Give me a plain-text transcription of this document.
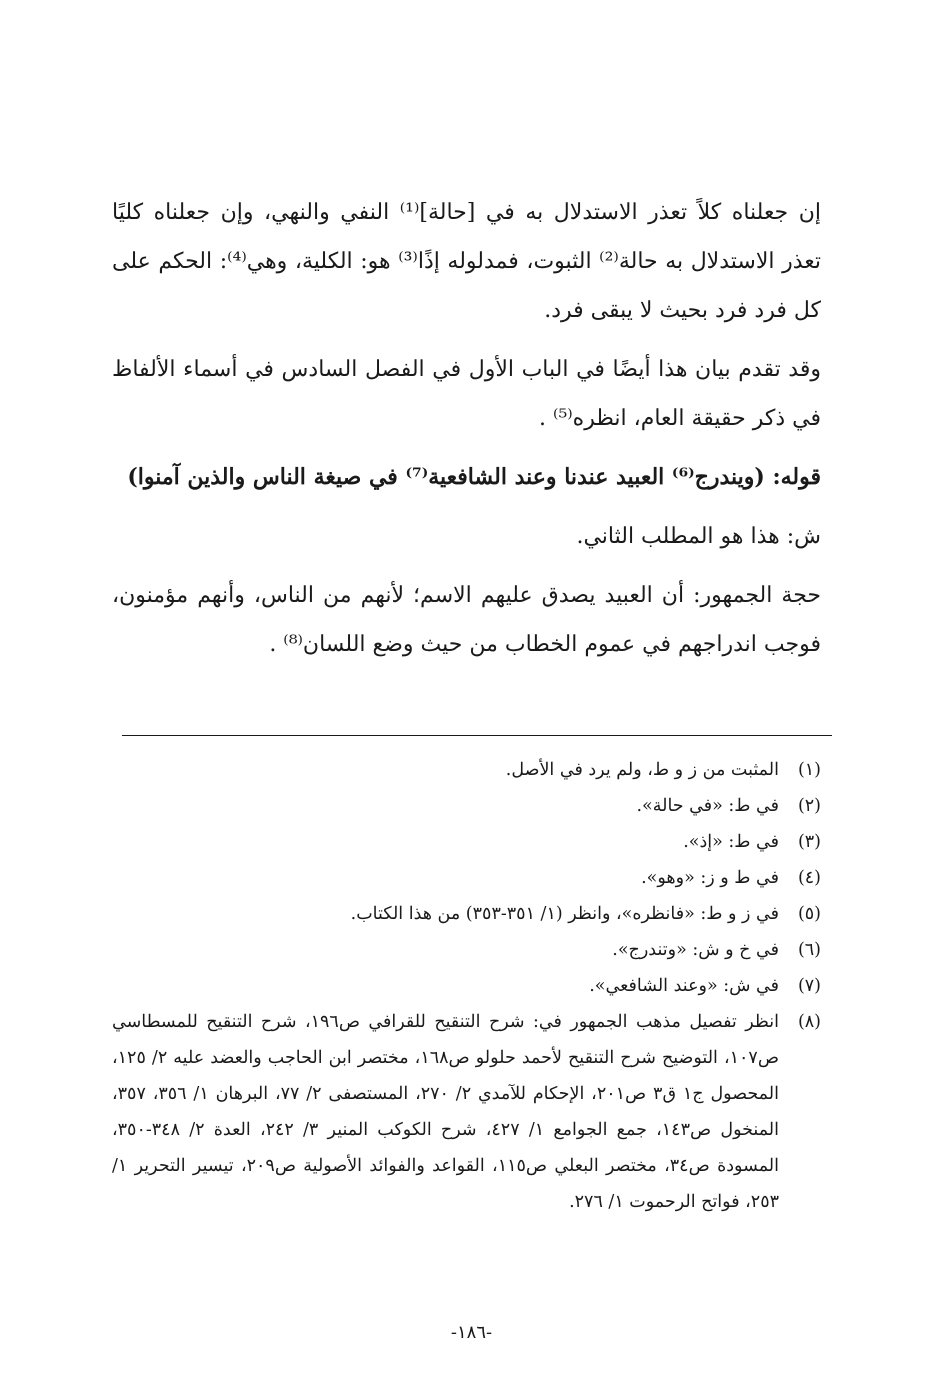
إن جعلناه كلاً تعذر الاستدلال به في [حالة]⁽¹⁾ النفي والنهي، وإن جعلناه كليًا تعذر الاستدلال به حالة⁽²⁾ الثبوت، فمدلوله إذًا⁽³⁾ هو: الكلية، وهي⁽⁴⁾: الحكم على كل فرد فرد بحيث لا يبقى فرد.

وقد تقدم بيان هذا أيضًا في الباب الأول في الفصل السادس في أسماء الألفاظ في ذكر حقيقة العام، انظره⁽⁵⁾ .

قوله: (ويندرج⁽⁶⁾ العبيد عندنا وعند الشافعية⁽⁷⁾ في صيغة الناس والذين آمنوا)

ش: هذا هو المطلب الثاني.

حجة الجمهور: أن العبيد يصدق عليهم الاسم؛ لأنهم من الناس، وأنهم مؤمنون، فوجب اندراجهم في عموم الخطاب من حيث وضع اللسان⁽⁸⁾ .

(١)
المثبت من ز و ط، ولم يرد في الأصل.
(٢)
في ط: «في حالة».
(٣)
في ط: «إذ».
(٤)
في ط و ز: «وهو».
(٥)
في ز و ط: «فانظره»، وانظر (١/ ٣٥١-٣٥٣) من هذا الكتاب.
(٦)
في خ و ش: «وتندرج».
(٧)
في ش: «وعند الشافعي».
(٨)
انظر تفصيل مذهب الجمهور في: شرح التنقيح للقرافي ص١٩٦، شرح التنقيح للمسطاسي ص١٠٧، التوضيح شرح التنقيح لأحمد حلولو ص١٦٨، مختصر ابن الحاجب والعضد عليه ٢/ ١٢٥، المحصول ج١ ق٣ ص٢٠١، الإحكام للآمدي ٢/ ٢٧٠، المستصفى ٢/ ٧٧، البرهان ١/ ٣٥٦، ٣٥٧، المنخول ص١٤٣، جمع الجوامع ١/ ٤٢٧، شرح الكوكب المنير ٣/ ٢٤٢، العدة ٢/ ٣٤٨-٣٥٠، المسودة ص٣٤، مختصر البعلي ص١١٥، القواعد والفوائد الأصولية ص٢٠٩، تيسير التحرير ١/ ٢٥٣، فواتح الرحموت ١/ ٢٧٦.
-١٨٦-
